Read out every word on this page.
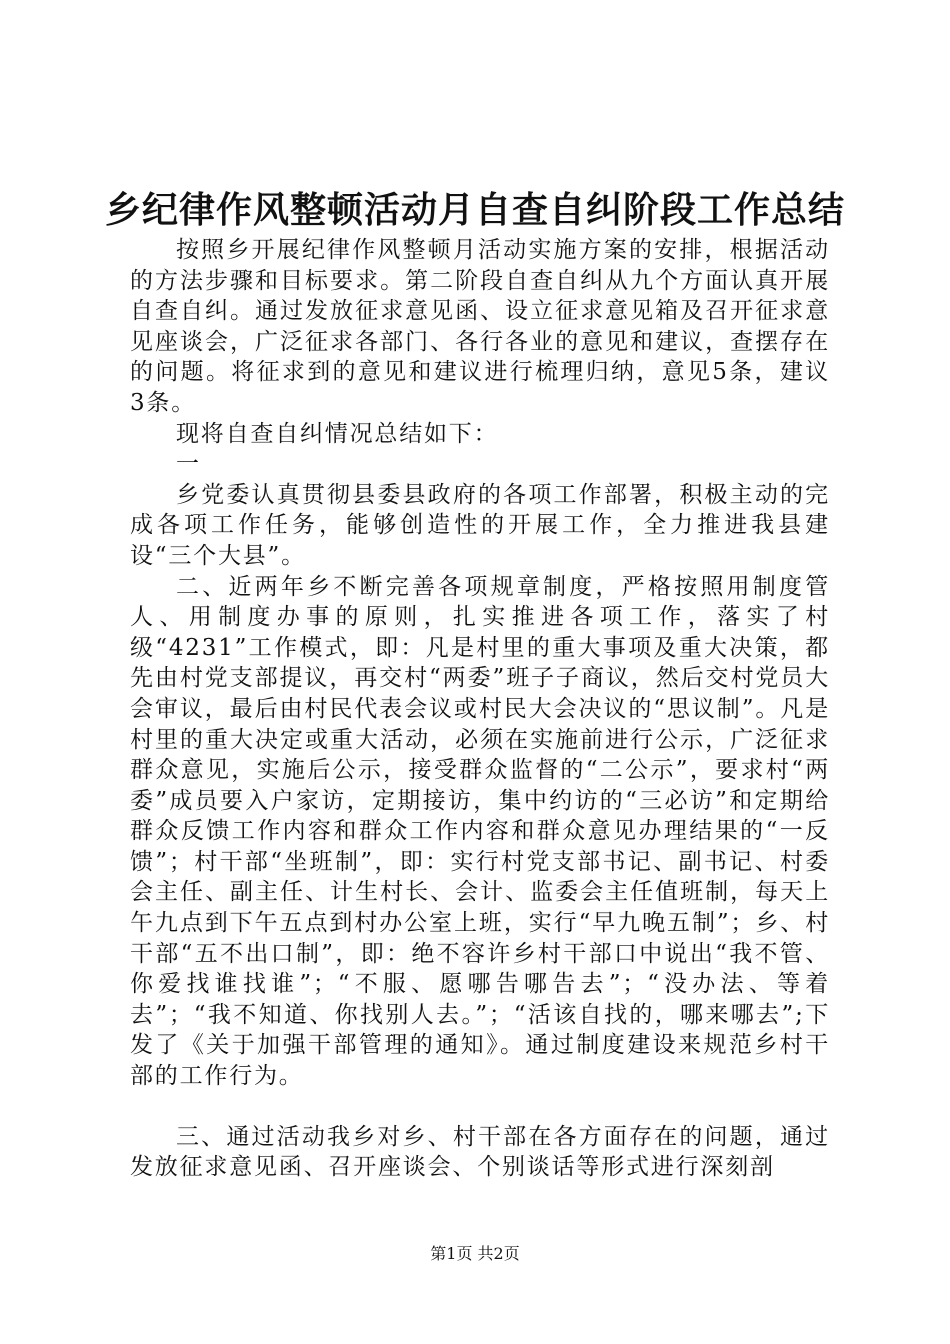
乡纪律作风整顿活动月自查自纠阶段工作总结

按照乡开展纪律作风整顿月活动实施方案的安排，根据活动的方法步骤和目标要求。第二阶段自查自纠从九个方面认真开展自查自纠。通过发放征求意见函、设立征求意见箱及召开征求意见座谈会，广泛征求各部门、各行各业的意见和建议，查摆存在的问题。将征求到的意见和建议进行梳理归纳，意见5条，建议3条。

现将自查自纠情况总结如下：

一

乡党委认真贯彻县委县政府的各项工作部署，积极主动的完成各项工作任务，能够创造性的开展工作，全力推进我县建设“三个大县”。

二、近两年乡不断完善各项规章制度，严格按照用制度管人、用制度办事的原则，扎实推进各项工作，落实了村级“4231”工作模式，即：凡是村里的重大事项及重大决策，都先由村党支部提议，再交村“两委”班子子商议，然后交村党员大会审议，最后由村民代表会议或村民大会决议的“思议制”。凡是村里的重大决定或重大活动，必须在实施前进行公示，广泛征求群众意见，实施后公示，接受群众监督的“二公示”，要求村“两委”成员要入户家访，定期接访，集中约访的“三必访”和定期给群众反馈工作内容和群众工作内容和群众意见办理结果的“一反馈”；村干部“坐班制”，即：实行村党支部书记、副书记、村委会主任、副主任、计生村长、会计、监委会主任值班制，每天上午九点到下午五点到村办公室上班，实行“早九晚五制”；乡、村干部“五不出口制”，即：绝不容许乡村干部口中说出“我不管、你爱找谁找谁”；“不服、愿哪告哪告去”；“没办法、等着去”；“我不知道、你找别人去。”；“活该自找的，哪来哪去”;下发了《关于加强干部管理的通知》。通过制度建设来规范乡村干部的工作行为。

三、通过活动我乡对乡、村干部在各方面存在的问题，通过发放征求意见函、召开座谈会、个别谈话等形式进行深刻剖

第1页 共2页
